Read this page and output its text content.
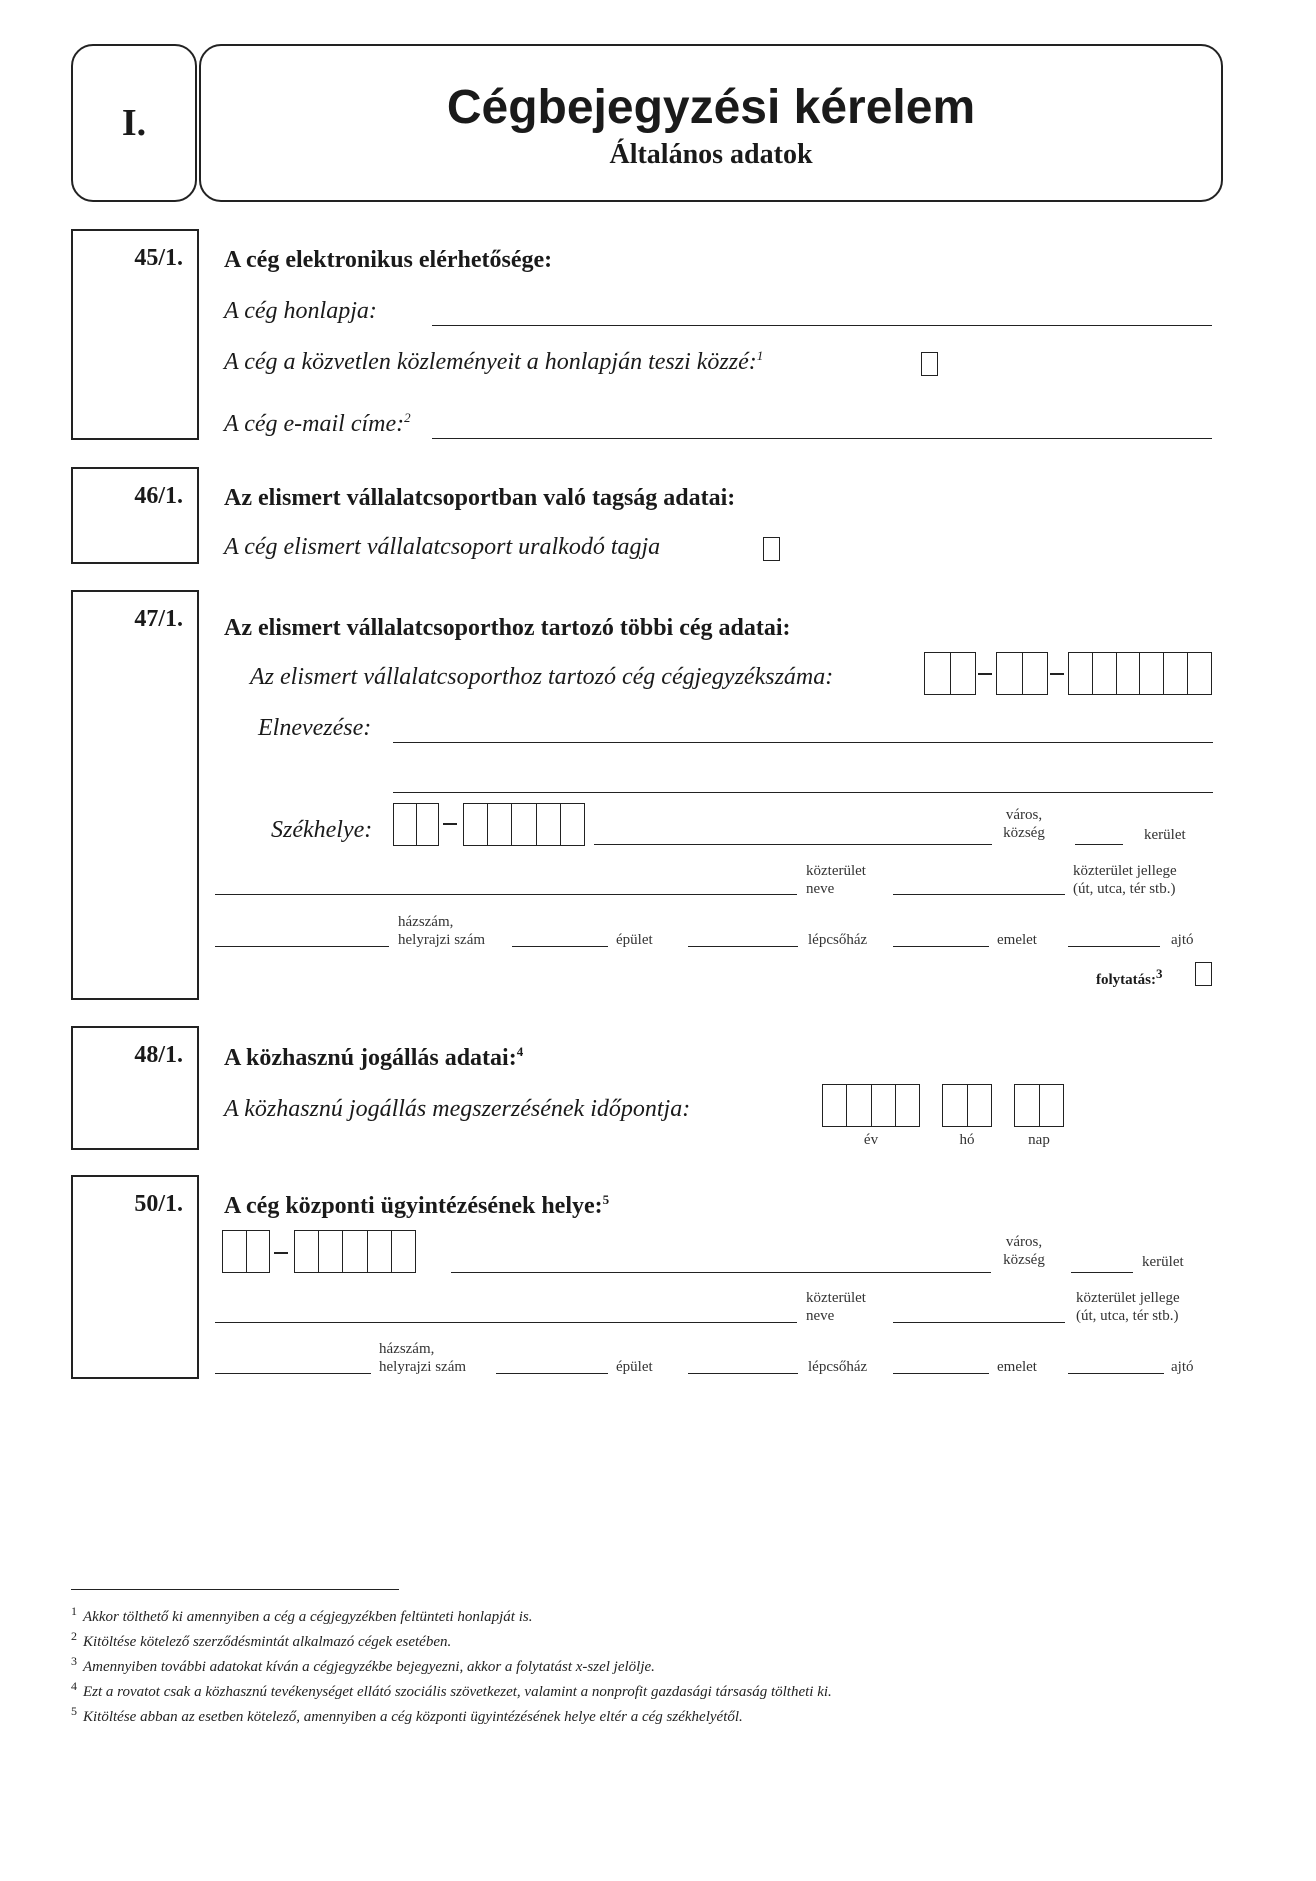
I.	Cégbejegyzési kérelem
Általános adatok
45/1. A cég elektronikus elérhetősége:
A cég honlapja:
A cég a közvetlen közleményeit a honlapján teszi közzé:$^1$
A cég e-mail címe:$^2$
46/1. Az elismert vállalatcsoportban való tagság adatai:
A cég elismert vállalatcsoport uralkodó tagja
47/1. Az elismert vállalatcsoporthoz tartozó többi cég adatai:
Az elismert vállalatcsoporthoz tartozó cég cégjegyzékszáma:
Elnevezése:
Székhelye:
város,
község	kerület
közterület
neve
közterület jellege
(út, utca, tér stb.)
házszám,
helyrajzi szám	épület	lépcsőház	emelet	ajtó
folytatás:$^3$
48/1. A közhasznú jogállás adatai:$^4$
A közhasznú jogállás megszerzésének időpontja:
év	hó	nap
50/1. A cég központi ügyintézésének helye:$^5$
város,
község	kerület
közterület
neve
közterület jellege
(út, utca, tér stb.)
házszám,
helyrajzi szám	épület	lépcsőház	emelet	ajtó
$^1$ Akkor tölthető ki amennyiben a cég a cégjegyzékben feltünteti honlapját is.
$^2$ Kitöltése kötelező szerződésmintát alkalmazó cégek esetében.
$^3$ Amennyiben további adatokat kíván a cégjegyzékbe bejegyezni, akkor a folytatást x-szel jelölje.
$^4$ Ezt a rovatot csak a közhasznú tevékenységet ellátó szociális szövetkezet, valamint a nonprofit gazdasági társaság töltheti ki.
$^5$ Kitöltése abban az esetben kötelező, amennyiben a cég központi ügyintézésének helye eltér a cég székhelyétől.
